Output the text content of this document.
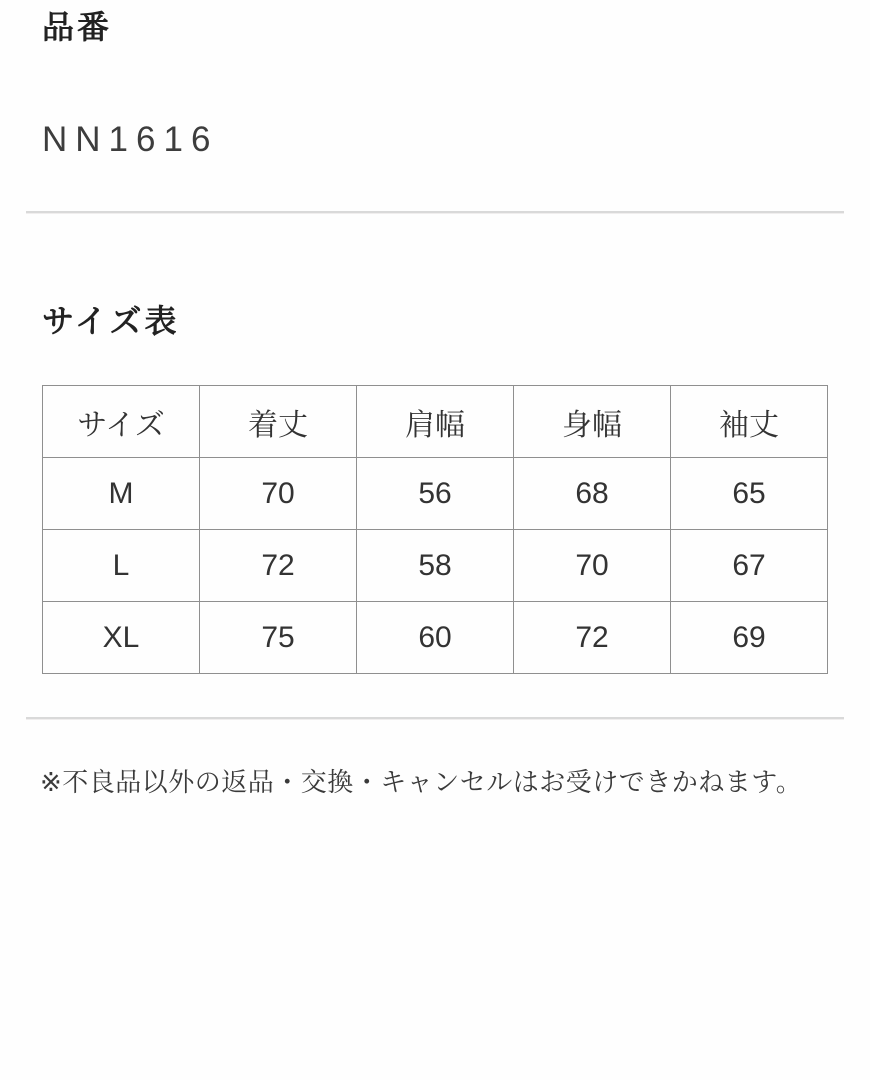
品番
NN1616
サイズ表
サイズ	着丈	肩幅	身幅	袖丈
M	70	56	68	65
L	72	58	70	67
XL	75	60	72	69

※不良品以外の返品・交換・キャンセルはお受けできかねます。
